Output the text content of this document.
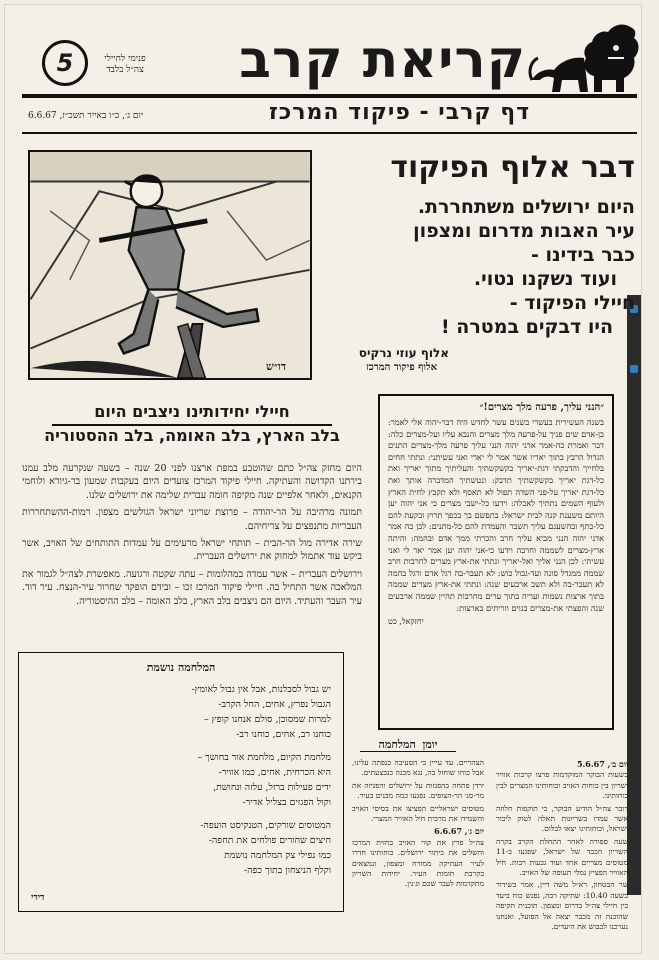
קריאת קרב
5	פנימי לחיילי צה״ל בלבד
דף קרבי - פיקוד המרכז
יום ג׳, כ״ו באייר תשכ״ז, 6.6.67
דו״ש
דבר אלוף הפיקוד
היום ירושלים משתחררת.
עיר האבות מדרום ומצפון
כבר בידינו -
ועוד נשקנו נטוי.
חיילי הפיקוד -
היו דבקים במטרה !
אלוף עוזי נרקיס
אלוף פיקוד המרכז
חיילי יחידותינו ניצבים היום
בלב הארץ, בלב האומה, בלב ההסטוריה

היום מחזק צה״ל כתם שהוטבע במפת ארצנו לפני 20 שנה – בשעה שנקרעה מלב עמנו בירתנו הקדושה והעתיקה. חיילי פיקוד המרכז צועדים היום בעקבות שמעון בר-גיורא ולוחמי הקנאים, ולאחר אלפיים שנה מקיפה חומה עברית שלימה את ירושלים שלנו.

תמונה מרהיבה על הר-יהודה – פרוצת שריוני ישראל הגולשים מצפון. רמות-ההשתחררות העבריות מתנפצים על צריחיהם.

שירה אדירה מול הר-הבית – תותחי ישראל מרעימים על עמדות התותחים של האויב, אשר ביקש עוד אתמול למחוק את ירושלים העברית.

וירושלים העברית – אשר עמדה במהלומות – עתה שקטה ורגועה. מאפשרת לצה״ל לגמור את המלאכה אשר התחיל בה. חיילי פיקוד המרכז זכו – ובידם הופקד שחרור עיר-הנצח. עיר דוד. עיר העבר והעתיד. היום הם ניצבים בלב הארץ, בלב האומה – בלב ההיסטוריה.

״הנני עליך, פרעה מלך מצרים!״
בשנה העשירית בעשרי בשנים עשר לחדש היה דבר-יהוה אלי לאמר: בן-אדם שים פניך על-פרעה מלך מצרים והנבא עליו ועל-מצרים כלה: דבר ואמרת כה-אמר אדני יהוה הנני עליך פרעה מלך-מצרים התנים הגדול הרבץ בתוך יאריו אשר אמר לי יארי ואני עשיתני: ונתתי חחים בלחייך והדבקתי דגת-יאריך בקשקשתיך והעליתיך מתוך יאריך ואת כל-דגת יאריך בקשקשתיך תדבק: ונטשתיך המדברה אותך ואת כל-דגת יאריך על-פני השדה תפול לא תאסף ולא תקבץ לחית הארץ ולעוף השמים נתתיך לאכלה: וידעו כל-ישבי מצרים כי אני יהוה יען היותם משענת קנה לבית ישראל: בתפשם בך בכפך תרוץ ובקעת להם כל-כתף ובהשענם עליך תשבר והעמדת להם כל-מתנים: לכן כה אמר אדני יהוה הנני מביא עליך חרב והכרתי ממך אדם ובהמה: והיתה ארץ-מצרים לשממה וחרבה וידעו כי-אני יהוה יען אמר יאר לי ואני עשיתי: לכן הנני אליך ואל-יאריך ונתתי את-ארץ מצרים לחרבות חרב שממה ממגדל סונה ועד-גבול כוש: לא תעבר-בה רגל אדם ורגל בהמה לא תעבר-בה ולא תשב ארבעים שנה: ונתתי את-ארץ מצרים שממה בתוך ארצות נשמות ועריה בתוך ערים מחרבות תהיין שממה ארבעים שנה והפצתי את-מצרים בגוים וזריתים בארצות:
יחזקאל, כט
המלחמה נושמת
יש גבול לסבלנות, אבל אין גבול לאומץ-
הגבול נפרץ, אחים, החל הקרב-
למרות שמסוכן, סולם אנחנו קופץ –
כוחנו רב, אחים, כוחנו רב-
מלחמת הקיום, מלחמת אור בחושך –
היא הכרחית, אחים, כמו אוויר-
ידים פעילות ברזל, עלזה ונחושת,
וקול הפגזים בצליל אדיר-
המטוסים שורקים, הטנקיסט הועפה-
חיצים שחורים פולחים את תחפה-
כמו נפילי צק המלחמה נושמת
וקלף הניצחון בתוך כפה-
דידי
יומן המלחמה
יום ב׳, 5.6.67

בשעות הבוקר המוקדמות פרצו קרבות אוויר ושריון בין כוחות האויב וכוחותינו המצרים לבין כוחותינו.

דובר צה״ל הודיע הבוקר, כי תוקפות חלוזה אשר עמדו בשריונות תאלה לטוק ליבור ישראל, וכוחותינו יצאו לבלום.

שעה ספורה לאחר התחלת הקרב בקרה השריון הכבד של ישראל, שפגעו ב-11 מטוסים מצריים אחד ועוד גבעות רבות. חיל האוויר הפציץ נמלי תעופה של האויב.

שר הבטחון, רא״ל משה דיין, אמר בשידור בשעה 10.40: שתיקה רבה, נפגש כוח ביעד בין חיילי צה״ל בדרום ומצפון. תוכנית תקיפה שהוכנה זה מכבר יצאה אל הפועל, ואנחנו נערכנו לכבוש את היעדים.

הצהריים. עד עייין כי הסעיבה כנפתה עלינו, אבל כוחו שוחזל בה, נגא מכנה כנבצעתים.

ירדן פתחה בהפגזות על ירושלים והפגיזה את מר-סנ׳ הר-הצופים. נפגעו כמה מבנים בעיר.

מטוסים ישראליים הפציצו את בסיסי האויב והשמידו את מרבית חיל האוויר המצרי.

יום ג׳, 6.6.67

צה״ל פרץ את קווי האויב בחזית המרכז והשלים את כיתור ירושלים. כוחותינו חדרו לעיר העתיקה ממזרח ומצפון, ונמצאים בקרבת חומות העיר. יחידות השריון מתקדמות לעבר שכם וג׳נין.
